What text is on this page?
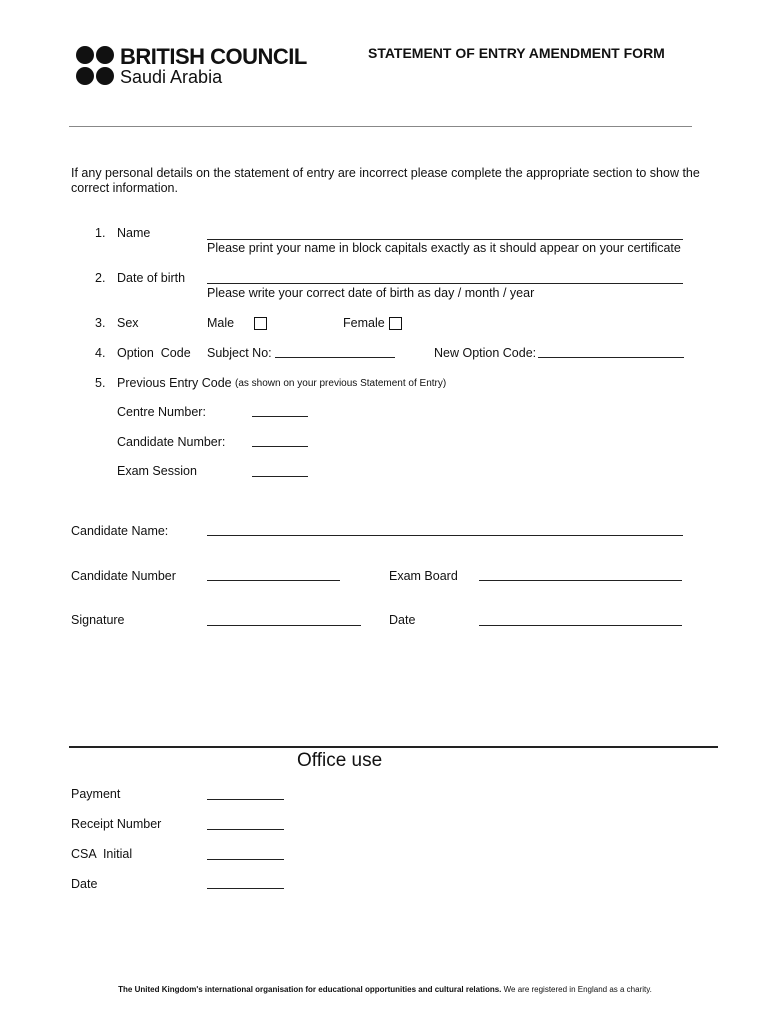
BRITISH COUNCIL
Saudi Arabia
STATEMENT OF ENTRY AMENDMENT FORM
If any personal details on the statement of entry are incorrect please complete the appropriate section to show the correct information.
1. Name
Please print your name in block capitals exactly as it should appear on your certificate
2. Date of birth
Please write your correct date of birth as day / month / year
3. Sex	Male	Female
4. Option  Code Subject No:	New Option Code:
5. Previous Entry Code (as shown on your previous Statement of Entry)
Centre Number:
Candidate Number:
Exam Session
Candidate Name:
Candidate Number	Exam Board
Signature	Date
Office use
Payment
Receipt Number
CSA  Initial
Date
The United Kingdom's international organisation for educational opportunities and cultural relations. We are registered in England as a charity.
